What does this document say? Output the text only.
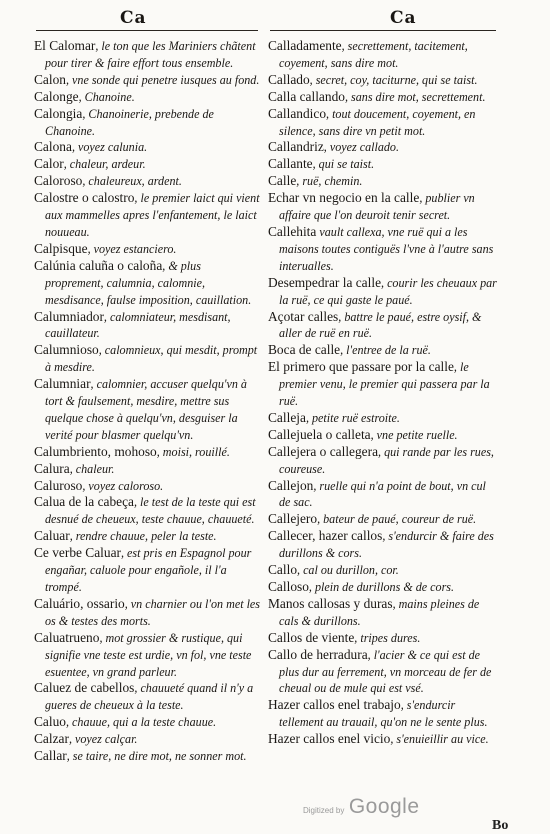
Ca	Ca

El Calomar, le ton que les Mariniers chãtent pour tirer & faire effort tous ensemble.

Calon, vne sonde qui penetre iusques au fond.

Calonge, Chanoine.

Calongia, Chanoinerie, prebende de Chanoine.

Calona, voyez calunia.

Calor, chaleur, ardeur.

Caloroso, chaleureux, ardent.

Calostre o calostro, le premier laict qui vient aux mammelles apres l'enfantement, le laict nouueau.

Calpisque, voyez estanciero.

Calúnia caluña o caloña, & plus proprement, calumnia, calomnie, mesdisance, faulse imposition, cauillation.

Calumniador, calomniateur, mesdisant, cauillateur.

Calumnioso, calomnieux, qui mesdit, prompt à mesdire.

Calumniar, calomnier, accuser quelqu'vn à tort & faulsement, mesdire, mettre sus quelque chose à quelqu'vn, desguiser la verité pour blasmer quelqu'vn.

Calumbriento, mohoso, moisi, rouillé.

Calura, chaleur.

Caluroso, voyez caloroso.

Calua de la cabeça, le test de la teste qui est desnué de cheueux, teste chauue, chauueté.

Caluar, rendre chauue, peler la teste.

Ce verbe Caluar, est pris en Espagnol pour engañar, caluole pour engañole, il l'a trompé.

Caluário, ossario, vn charnier ou l'on met les os & testes des morts.

Caluatrueno, mot grossier & rustique, qui signifie vne teste est urdie, vn fol, vne teste esuentee, vn grand parleur.

Caluez de cabellos, chauueté quand il n'y a gueres de cheueux à la teste.

Caluo, chauue, qui a la teste chauue.

Calzar, voyez calçar.

Callar, se taire, ne dire mot, ne sonner mot.

Calladamente, secrettement, tacitement, coyement, sans dire mot.

Callado, secret, coy, taciturne, qui se taist.

Calla callando, sans dire mot, secrettement.

Callandico, tout doucement, coyement, en silence, sans dire vn petit mot.

Callandriz, voyez callado.

Callante, qui se taist.

Calle, ruë, chemin.

Echar vn negocio en la calle, publier vn affaire que l'on deuroit tenir secret.

Callehita vault callexa, vne ruë qui a les maisons toutes contiguës l'vne à l'autre sans interualles.

Desempedrar la calle, courir les cheuaux par la ruë, ce qui gaste le paué.

Açotar calles, battre le paué, estre oysif, & aller de ruë en ruë.

Boca de calle, l'entree de la ruë.

El primero que passare por la calle, le premier venu, le premier qui passera par la ruë.

Calleja, petite ruë estroite.

Callejuela o calleta, vne petite ruelle.

Callejera o callegera, qui rande par les rues, coureuse.

Callejon, ruelle qui n'a point de bout, vn cul de sac.

Callejero, bateur de paué, coureur de ruë.

Callecer, hazer callos, s'endurcir & faire des durillons & cors.

Callo, cal ou durillon, cor.

Calloso, plein de durillons & de cors.

Manos callosas y duras, mains pleines de cals & durillons.

Callos de viente, tripes dures.

Callo de herradura, l'acier & ce qui est de plus dur au ferrement, vn morceau de fer de cheual ou de mule qui est vsé.

Hazer callos enel trabajo, s'endurcir tellement au trauail, qu'on ne le sente plus.

Hazer callos enel vicio, s'enuieillir au vice.

Digitized by Google
Bo
